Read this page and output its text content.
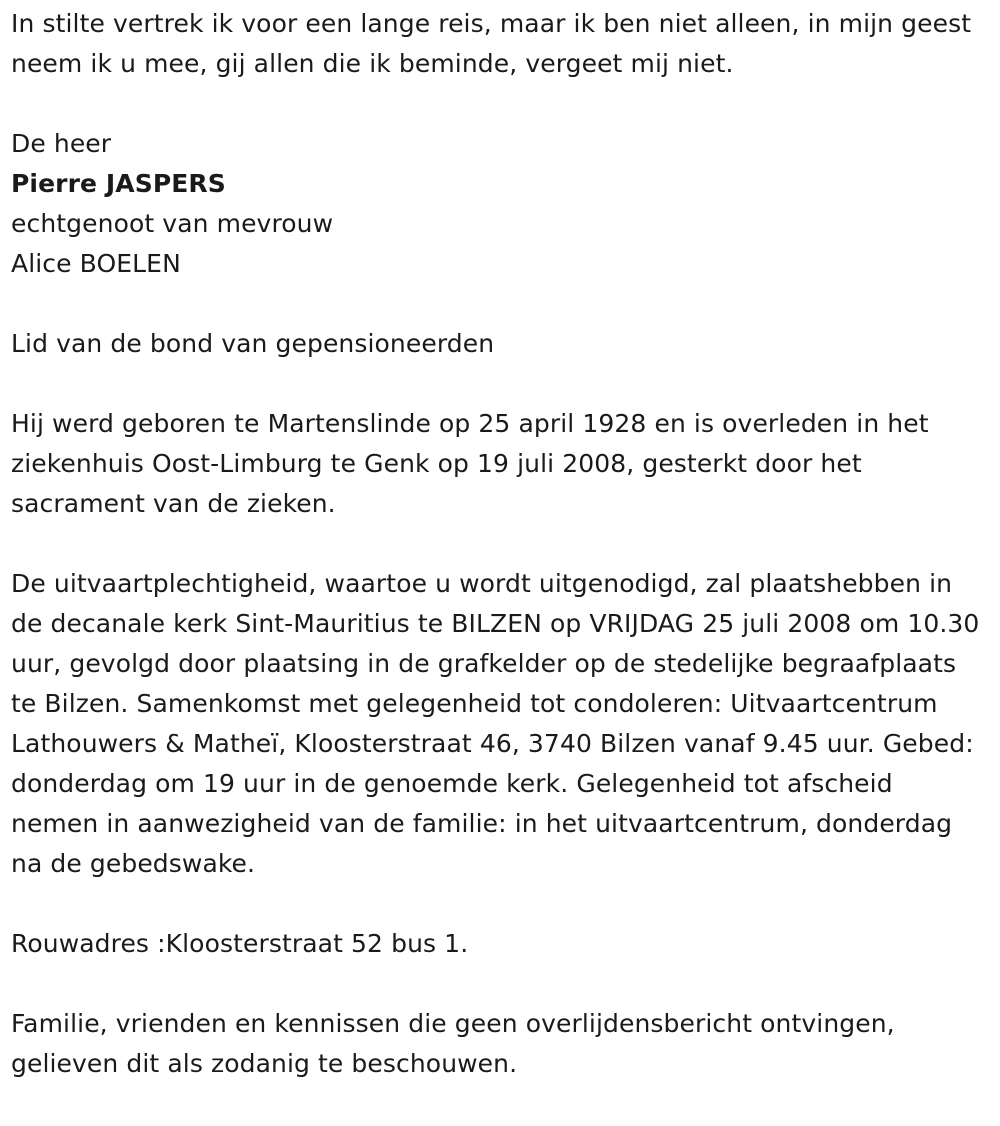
In stilte vertrek ik voor een lange reis, maar ik ben niet alleen, in mijn geest neem ik u mee, gij allen die ik beminde, vergeet mij niet.

De heer

Pierre JASPERS

echtgenoot van mevrouw

Alice BOELEN

Lid van de bond van gepensioneerden

Hij werd geboren te Martenslinde op 25 april 1928 en is overleden in het ziekenhuis Oost-Limburg te Genk op 19 juli 2008, gesterkt door het sacrament van de zieken.

De uitvaartplechtigheid, waartoe u wordt uitgenodigd, zal plaatshebben in de decanale kerk Sint-Mauritius te BILZEN op VRIJDAG 25 juli 2008 om 10.30 uur, gevolgd door plaatsing in de grafkelder op de stedelijke begraafplaats te Bilzen. Samenkomst met gelegenheid tot condoleren: Uitvaartcentrum Lathouwers & Matheï, Kloosterstraat 46, 3740 Bilzen vanaf 9.45 uur. Gebed: donderdag om 19 uur in de genoemde kerk. Gelegenheid tot afscheid nemen in aanwezigheid van de familie: in het uitvaartcentrum, donderdag na de gebedswake.

Rouwadres :Kloosterstraat 52 bus 1.

Familie, vrienden en kennissen die geen overlijdensbericht ontvingen, gelieven dit als zodanig te beschouwen.
